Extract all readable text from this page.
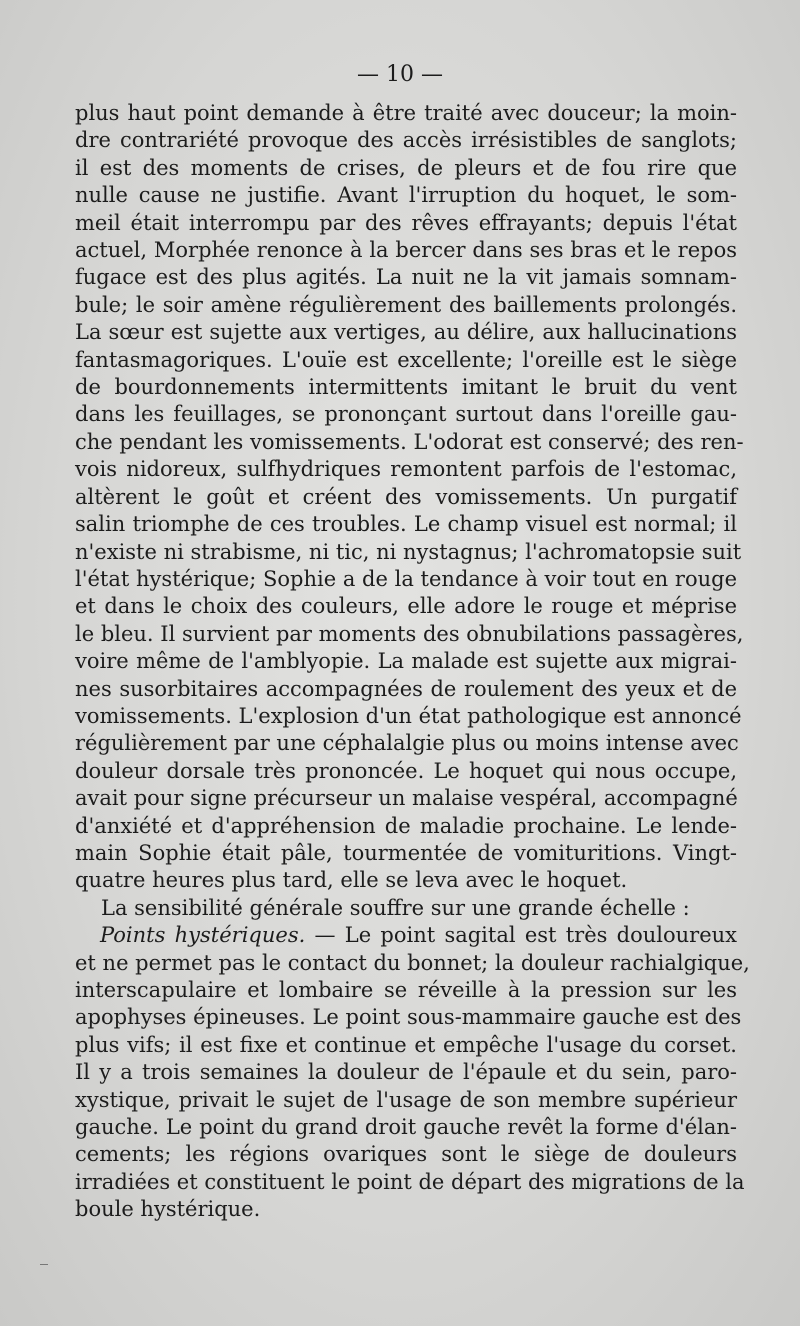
— 10 —
plus haut point demande à être traité avec douceur; la moin-
dre contrariété provoque des accès irrésistibles de sanglots;
il est des moments de crises, de pleurs et de fou rire que
nulle cause ne justifie. Avant l'irruption du hoquet, le som-
meil était interrompu par des rêves effrayants; depuis l'état
actuel, Morphée renonce à la bercer dans ses bras et le repos
fugace est des plus agités. La nuit ne la vit jamais somnam-
bule; le soir amène régulièrement des baillements prolongés.
La sœur est sujette aux vertiges, au délire, aux hallucinations
fantasmagoriques. L'ouïe est excellente; l'oreille est le siège
de bourdonnements intermittents imitant le bruit du vent
dans les feuillages, se prononçant surtout dans l'oreille gau-
che pendant les vomissements. L'odorat est conservé; des ren-
vois nidoreux, sulfhydriques remontent parfois de l'estomac,
altèrent le goût et créent des vomissements. Un purgatif
salin triomphe de ces troubles. Le champ visuel est normal; il
n'existe ni strabisme, ni tic, ni nystagnus; l'achromatopsie suit
l'état hystérique; Sophie a de la tendance à voir tout en rouge
et dans le choix des couleurs, elle adore le rouge et méprise
le bleu. Il survient par moments des obnubilations passagères,
voire même de l'amblyopie. La malade est sujette aux migrai-
nes susorbitaires accompagnées de roulement des yeux et de
vomissements. L'explosion d'un état pathologique est annoncé
régulièrement par une céphalalgie plus ou moins intense avec
douleur dorsale très prononcée. Le hoquet qui nous occupe,
avait pour signe précurseur un malaise vespéral, accompagné
d'anxiété et d'appréhension de maladie prochaine. Le lende-
main Sophie était pâle, tourmentée de vomituritions. Vingt-
quatre heures plus tard, elle se leva avec le hoquet.
La sensibilité générale souffre sur une grande échelle :
Points hystériques. — Le point sagital est très douloureux
et ne permet pas le contact du bonnet; la douleur rachialgique,
interscapulaire et lombaire se réveille à la pression sur les
apophyses épineuses. Le point sous-mammaire gauche est des
plus vifs; il est fixe et continue et empêche l'usage du corset.
Il y a trois semaines la douleur de l'épaule et du sein, paro-
xystique, privait le sujet de l'usage de son membre supérieur
gauche. Le point du grand droit gauche revêt la forme d'élan-
cements; les régions ovariques sont le siège de douleurs
irradiées et constituent le point de départ des migrations de la
boule hystérique.
